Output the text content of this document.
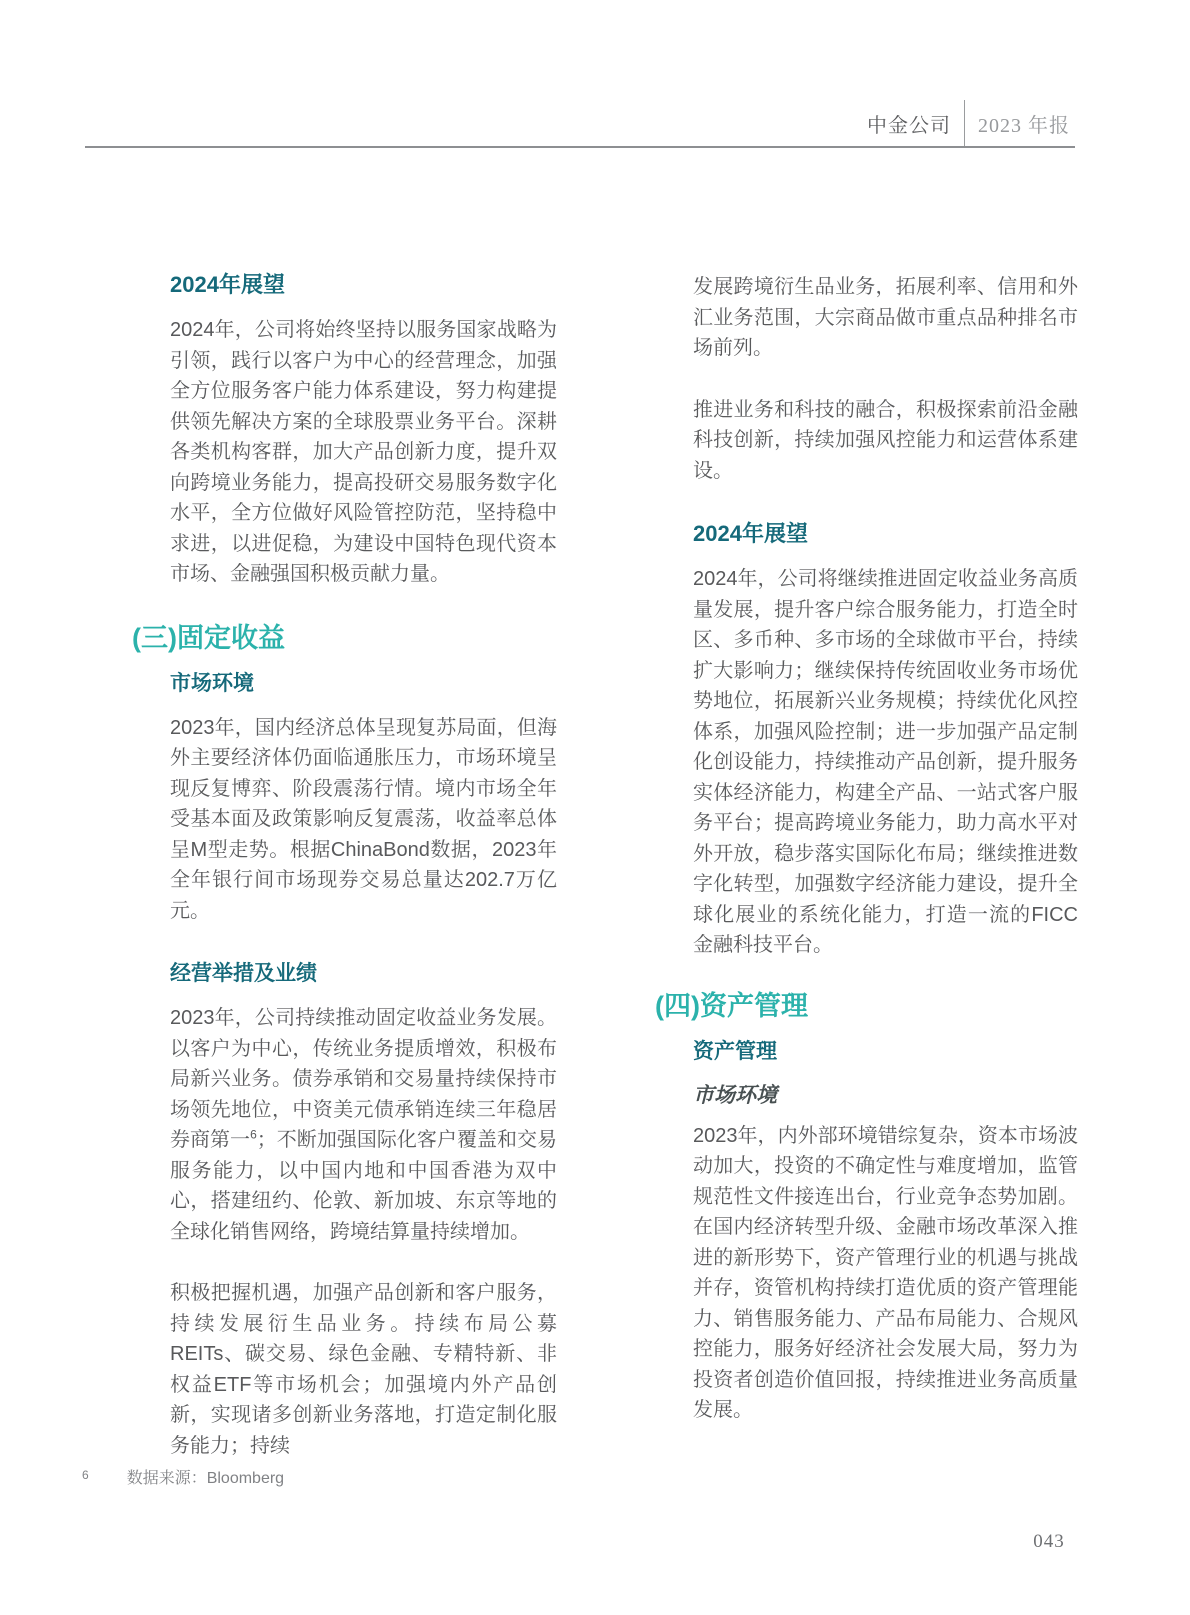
中金公司 2023 年报
2024年展望

2024年，公司将始终坚持以服务国家战略为引领，践行以客户为中心的经营理念，加强全方位服务客户能力体系建设，努力构建提供领先解决方案的全球股票业务平台。深耕各类机构客群，加大产品创新力度，提升双向跨境业务能力，提高投研交易服务数字化水平，全方位做好风险管控防范，坚持稳中求进，以进促稳，为建设中国特色现代资本市场、金融强国积极贡献力量。

(三)固定收益
市场环境

2023年，国内经济总体呈现复苏局面，但海外主要经济体仍面临通胀压力，市场环境呈现反复博弈、阶段震荡行情。境内市场全年受基本面及政策影响反复震荡，收益率总体呈M型走势。根据ChinaBond数据，2023年全年银行间市场现券交易总量达202.7万亿元。

经营举措及业绩

2023年，公司持续推动固定收益业务发展。以客户为中心，传统业务提质增效，积极布局新兴业务。债券承销和交易量持续保持市场领先地位，中资美元债承销连续三年稳居券商第一$^6$；不断加强国际化客户覆盖和交易服务能力，以中国内地和中国香港为双中心，搭建纽约、伦敦、新加坡、东京等地的全球化销售网络，跨境结算量持续增加。

积极把握机遇，加强产品创新和客户服务，持续发展衍生品业务。持续布局公募REITs、碳交易、绿色金融、专精特新、非权益ETF等市场机会；加强境内外产品创新，实现诸多创新业务落地，打造定制化服务能力；持续

发展跨境衍生品业务，拓展利率、信用和外汇业务范围，大宗商品做市重点品种排名市场前列。

推进业务和科技的融合，积极探索前沿金融科技创新，持续加强风控能力和运营体系建设。

2024年展望

2024年，公司将继续推进固定收益业务高质量发展，提升客户综合服务能力，打造全时区、多币种、多市场的全球做市平台，持续扩大影响力；继续保持传统固收业务市场优势地位，拓展新兴业务规模；持续优化风控体系，加强风险控制；进一步加强产品定制化创设能力，持续推动产品创新，提升服务实体经济能力，构建全产品、一站式客户服务平台；提高跨境业务能力，助力高水平对外开放，稳步落实国际化布局；继续推进数字化转型，加强数字经济能力建设，提升全球化展业的系统化能力，打造一流的FICC金融科技平台。

(四)资产管理
资产管理
市场环境

2023年，内外部环境错综复杂，资本市场波动加大，投资的不确定性与难度增加，监管规范性文件接连出台，行业竞争态势加剧。在国内经济转型升级、金融市场改革深入推进的新形势下，资产管理行业的机遇与挑战并存，资管机构持续打造优质的资产管理能力、销售服务能力、产品布局能力、合规风控能力，服务好经济社会发展大局，努力为投资者创造价值回报，持续推进业务高质量发展。

6 数据来源：Bloomberg
043
